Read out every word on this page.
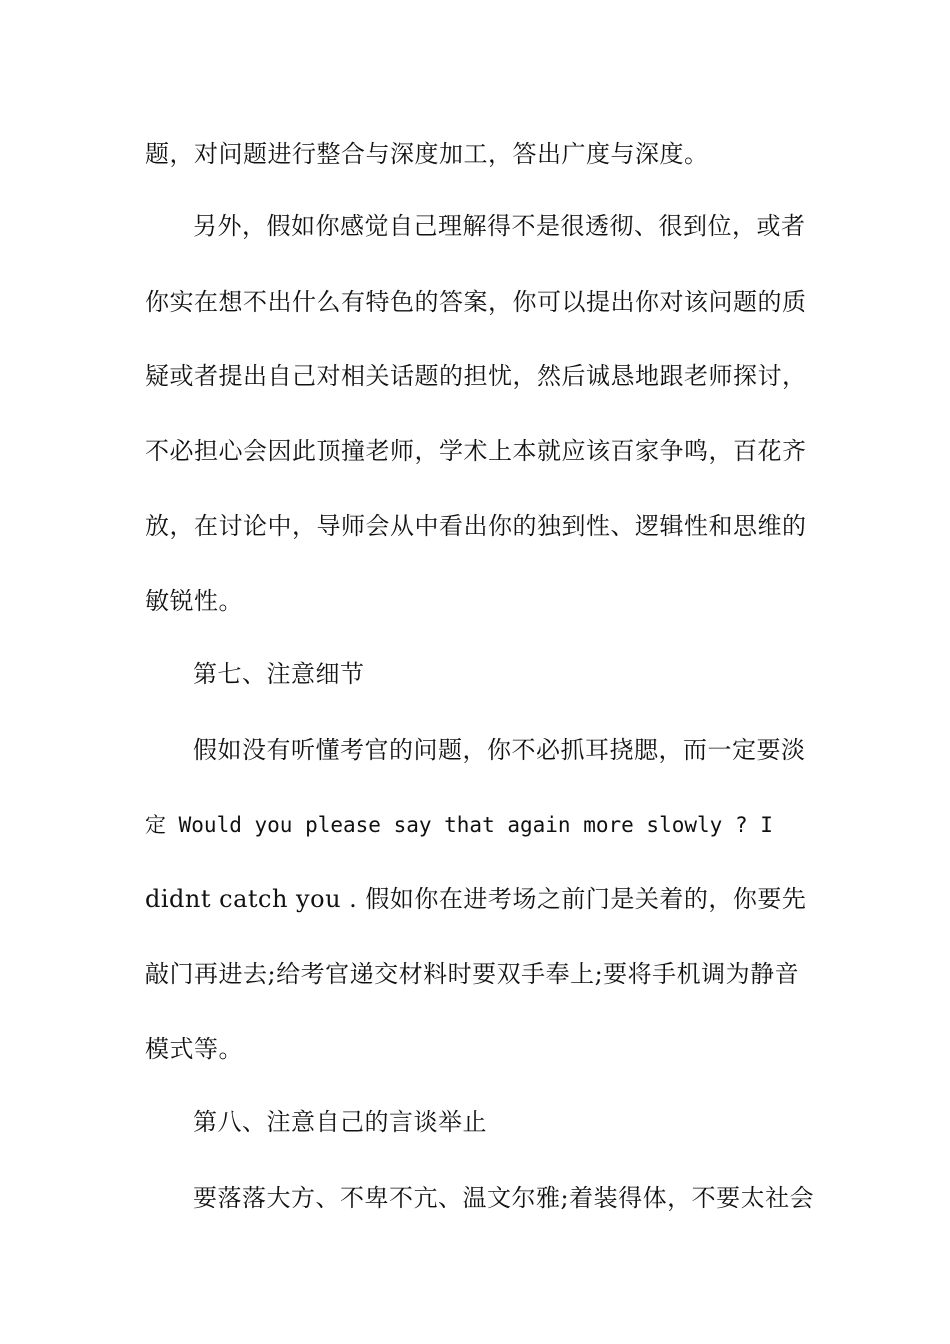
题，对问题进行整合与深度加工，答出广度与深度。

另外，假如你感觉自己理解得不是很透彻、很到位，或者

你实在想不出什么有特色的答案，你可以提出你对该问题的质

疑或者提出自己对相关话题的担忧，然后诚恳地跟老师探讨，

不必担心会因此顶撞老师，学术上本就应该百家争鸣，百花齐

放，在讨论中，导师会从中看出你的独到性、逻辑性和思维的

敏锐性。

第七、注意细节

假如没有听懂考官的问题，你不必抓耳挠腮，而一定要淡

定 Would you please say that again more slowly ? I

didnt catch you . 假如你在进考场之前门是关着的，你要先

敲门再进去;给考官递交材料时要双手奉上;要将手机调为静音

模式等。

第八、注意自己的言谈举止

要落落大方、不卑不亢、温文尔雅;着装得体，不要太社会
